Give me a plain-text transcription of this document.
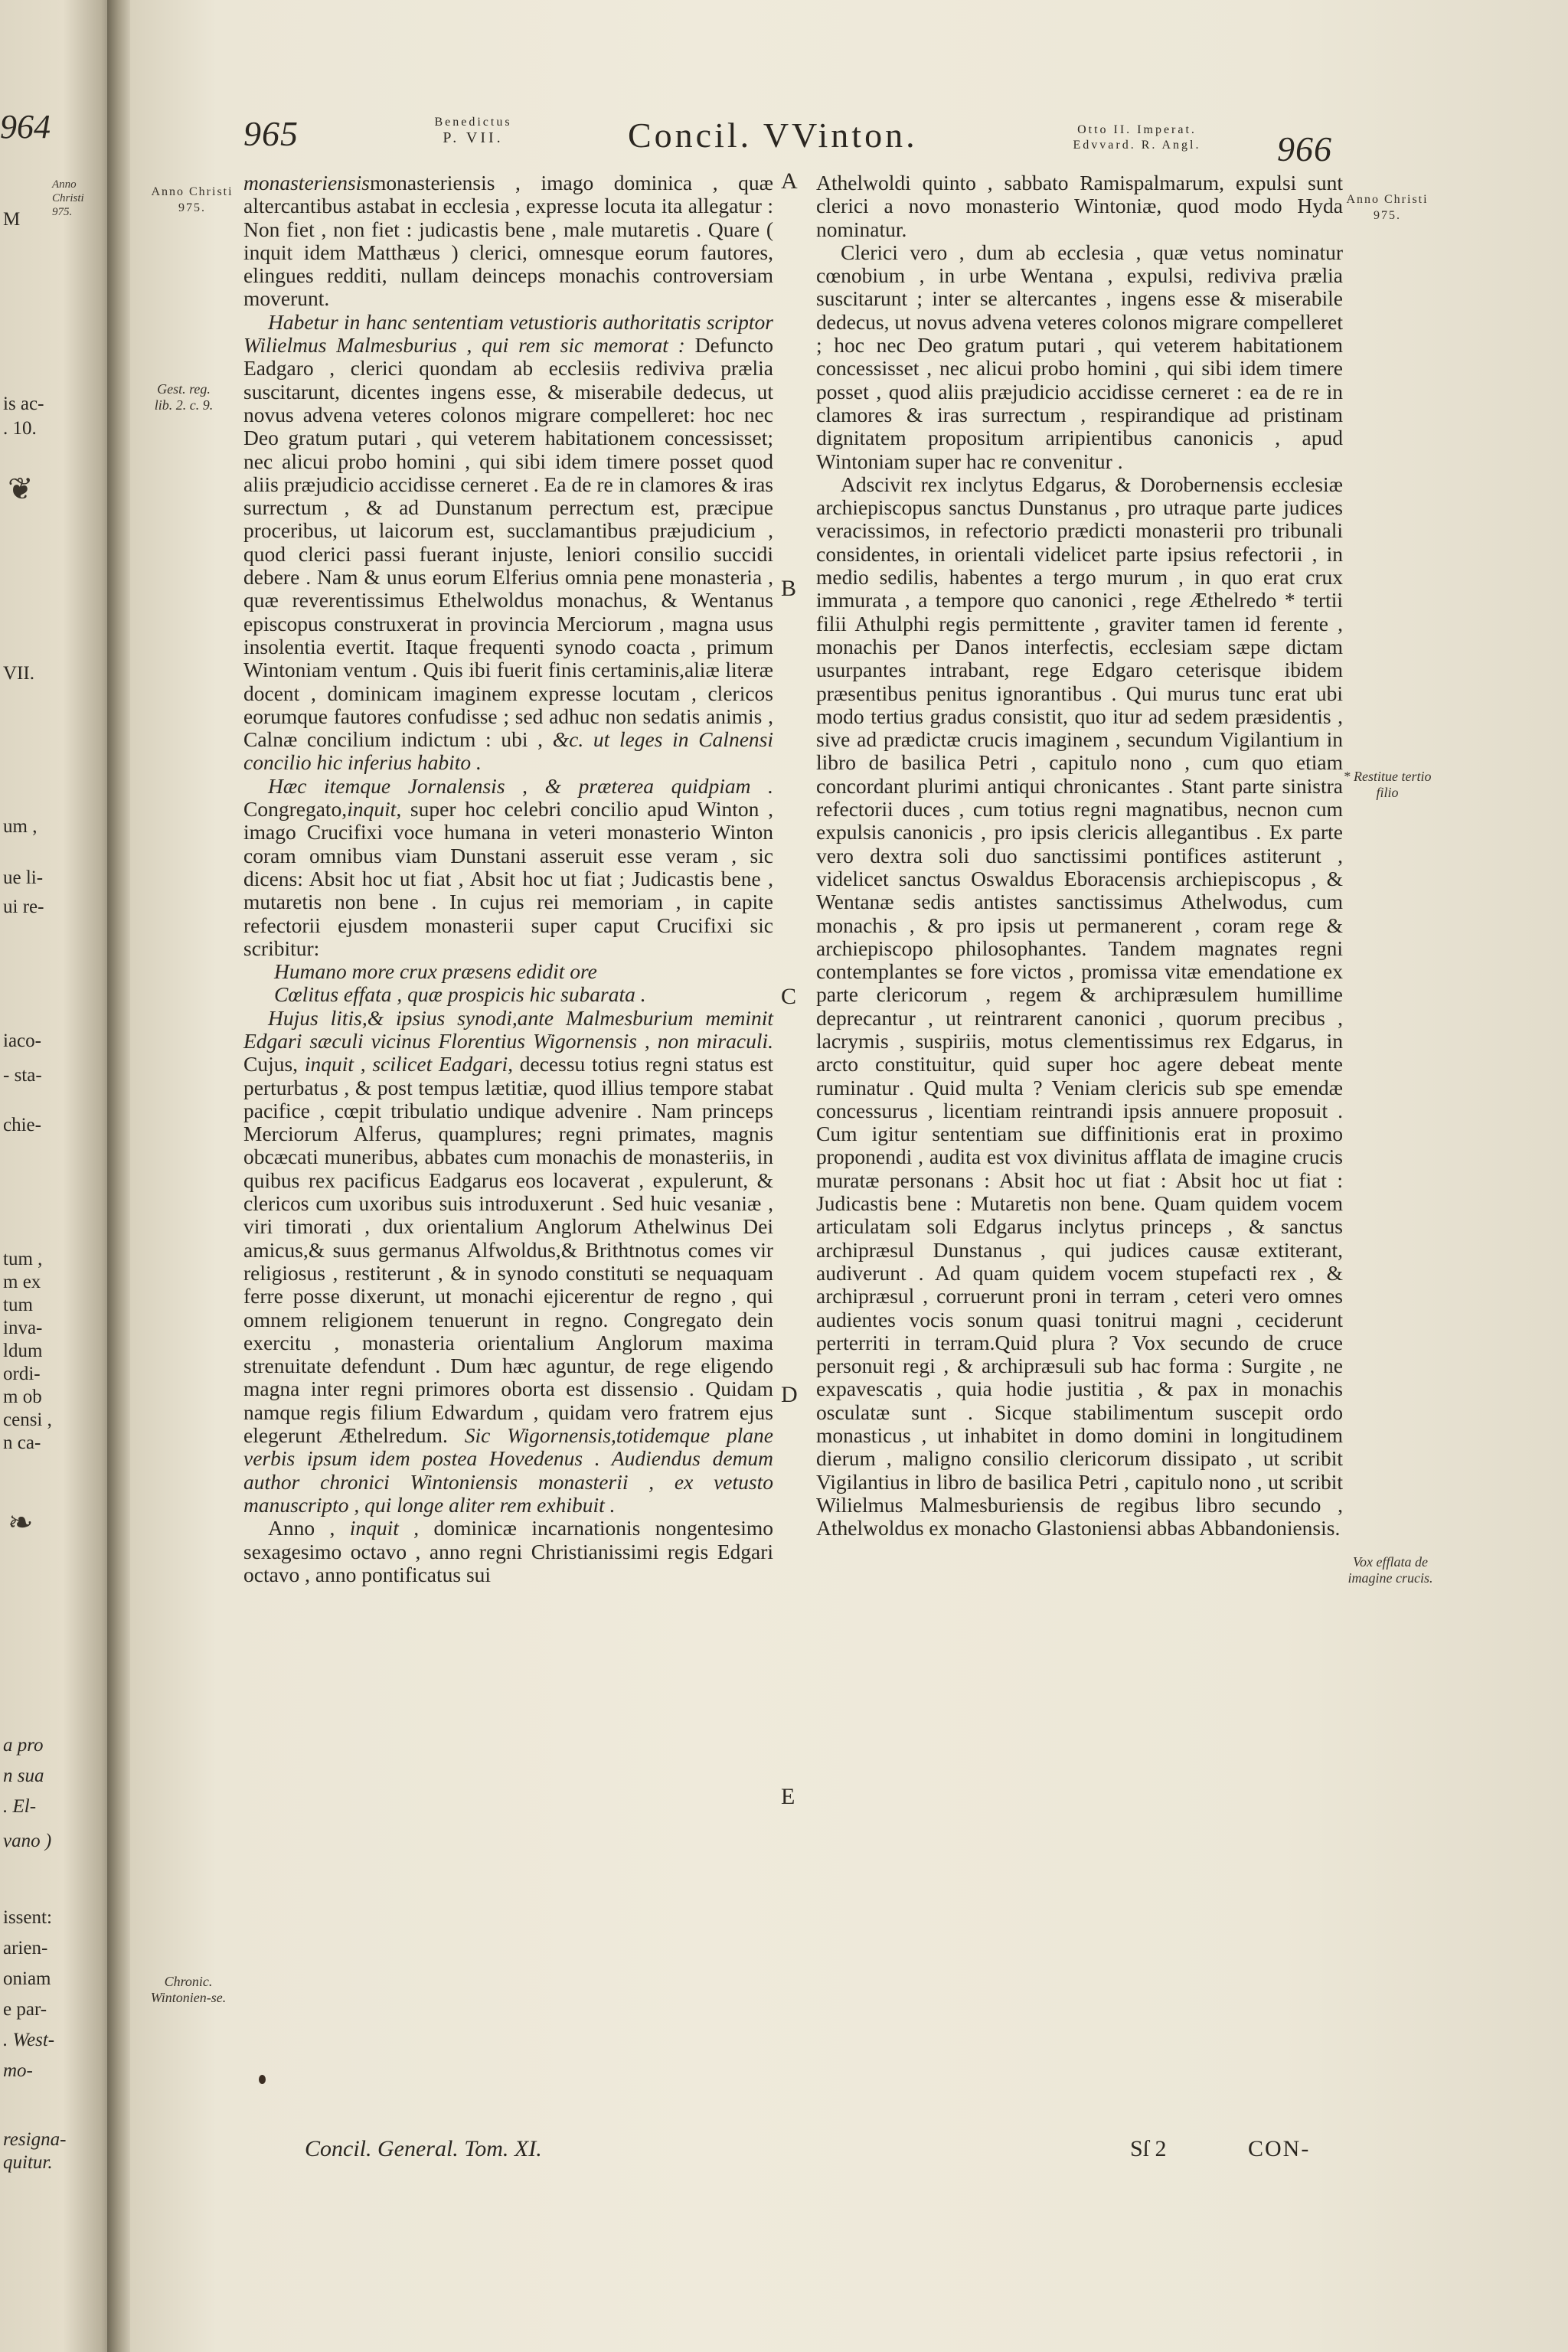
964
Anno Christi 975.
M
is ac-
. 10.
VII.
um ,
ue li-
ui re-
iaco-
- sta-
chie-
tum ,
m ex
tum
inva-
ldum
ordi-
m ob
censi ,
n ca-
a pro
n sua
. El-
vano )
issent:
arien-
oniam
e par-
. West-
mo-
resigna-
quitur.
❦
❧
965	Benedictus
P. VII.	Concil. VVinton.	Otto II. Imperat.
Edvvard. R. Angl.	966
Anno Christi 975.
Gest. reg. lib. 2. c. 9.
Chronic. Wintonien-se.
Anno Christi 975.
* Restitue tertio filio
Vox efflata de imagine crucis.
A
B
C
D
E

monasteriensismonasteriensis , imago dominica , quæ altercantibus astabat in ecclesia , expresse locuta ita allegatur : Non fiet , non fiet : judicastis bene , male mutaretis . Quare ( inquit idem Matthæus ) clerici, omnesque eorum fautores, elingues redditi, nullam deinceps monachis controversiam moverunt.

Habetur in hanc sententiam vetustioris authoritatis scriptor Wilielmus Malmesburius , qui rem sic memorat : Defuncto Eadgaro , clerici quondam ab ecclesiis rediviva prælia suscitarunt, dicentes ingens esse, & miserabile dedecus, ut novus advena veteres colonos migrare compelleret: hoc nec Deo gratum putari , qui veterem habitationem concessisset; nec alicui probo homini , qui sibi idem timere posset quod aliis præjudicio accidisse cerneret . Ea de re in clamores & iras surrectum , & ad Dunstanum perrectum est, præcipue proceribus, ut laicorum est, succlamantibus præjudicium , quod clerici passi fuerant injuste, leniori consilio succidi debere . Nam & unus eorum Elferius omnia pene monasteria , quæ reverentissimus Ethelwoldus monachus, & Wentanus episcopus construxerat in provincia Merciorum , magna usus insolentia evertit. Itaque frequenti synodo coacta , primum Wintoniam ventum . Quis ibi fuerit finis certaminis,aliæ literæ docent , dominicam imaginem expresse locutam , clericos eorumque fautores confudisse ; sed adhuc non sedatis animis , Calnæ concilium indictum : ubi , &c. ut leges in Calnensi concilio hic inferius habito .

Hæc itemque Jornalensis , & præterea quidpiam . Congregato,inquit, super hoc celebri concilio apud Winton , imago Crucifixi voce humana in veteri monasterio Winton coram omnibus viam Dunstani asseruit esse veram , sic dicens: Absit hoc ut fiat , Absit hoc ut fiat ; Judicastis bene , mutaretis non bene . In cujus rei memoriam , in capite refectorii ejusdem monasterii super caput Crucifixi sic scribitur:

Humano more crux præsens edidit ore

Cœlitus effata , quæ prospicis hic subarata .

Hujus litis,& ipsius synodi,ante Malmesburium meminit Edgari sæculi vicinus Florentius Wigornensis , non miraculi. Cujus, inquit , scilicet Eadgari, decessu totius regni status est perturbatus , & post tempus lætitiæ, quod illius tempore stabat pacifice , cœpit tribulatio undique advenire . Nam princeps Merciorum Alferus, quamplures; regni primates, magnis obcæcati muneribus, abbates cum monachis de monasteriis, in quibus rex pacificus Eadgarus eos locaverat , expulerunt, & clericos cum uxoribus suis introduxerunt . Sed huic vesaniæ , viri timorati , dux orientalium Anglorum Athelwinus Dei amicus,& suus germanus Alfwoldus,& Brithtnotus comes vir religiosus , restiterunt , & in synodo constituti se nequaquam ferre posse dixerunt, ut monachi ejicerentur de regno , qui omnem religionem tenuerunt in regno. Congregato dein exercitu , monasteria orientalium Anglorum maxima strenuitate defendunt . Dum hæc aguntur, de rege eligendo magna inter regni primores oborta est dissensio . Quidam namque regis filium Edwardum , quidam vero fratrem ejus elegerunt Æthelredum. Sic Wigornensis,totidemque plane verbis ipsum idem postea Hovedenus . Audiendus demum author chronici Wintoniensis monasterii , ex vetusto manuscripto , qui longe aliter rem exhibuit .

Anno , inquit , dominicæ incarnationis nongentesimo sexagesimo octavo , anno regni Christianissimi regis Edgari octavo , anno pontificatus sui

Athelwoldi quinto , sabbato Ramispalmarum, expulsi sunt clerici a novo monasterio Wintoniæ, quod modo Hyda nominatur.

Clerici vero , dum ab ecclesia , quæ vetus nominatur cœnobium , in urbe Wentana , expulsi, rediviva prælia suscitarunt ; inter se altercantes , ingens esse & miserabile dedecus, ut novus advena veteres colonos migrare compelleret ; hoc nec Deo gratum putari , qui veterem habitationem concessisset , nec alicui probo homini , qui sibi idem timere posset , quod aliis præjudicio accidisse cerneret : ea de re in clamores & iras surrectum , respirandique ad pristinam dignitatem propositum arripientibus canonicis , apud Wintoniam super hac re convenitur .

Adscivit rex inclytus Edgarus, & Dorobernensis ecclesiæ archiepiscopus sanctus Dunstanus , pro utraque parte judices veracissimos, in refectorio prædicti monasterii pro tribunali considentes, in orientali videlicet parte ipsius refectorii , in medio sedilis, habentes a tergo murum , in quo erat crux immurata , a tempore quo canonici , rege Æthelredo * tertii filii Athulphi regis permittente , graviter tamen id ferente , monachis per Danos interfectis, ecclesiam sæpe dictam usurpantes intrabant, rege Edgaro ceterisque ibidem præsentibus penitus ignorantibus . Qui murus tunc erat ubi modo tertius gradus consistit, quo itur ad sedem præsidentis , sive ad prædictæ crucis imaginem , secundum Vigilantium in libro de basilica Petri , capitulo nono , cum quo etiam concordant plurimi antiqui chronicantes . Stant parte sinistra refectorii duces , cum totius regni magnatibus, necnon cum expulsis canonicis , pro ipsis clericis allegantibus . Ex parte vero dextra soli duo sanctissimi pontifices astiterunt , videlicet sanctus Oswaldus Eboracensis archiepiscopus , & Wentanæ sedis antistes sanctissimus Athelwodus, cum monachis , & pro ipsis ut permanerent , coram rege & archiepiscopo philosophantes. Tandem magnates regni contemplantes se fore victos , promissa vitæ emendatione ex parte clericorum , regem & archipræsulem humillime deprecantur , ut reintrarent canonici , quorum precibus , lacrymis , suspiriis, motus clementissimus rex Edgarus, in arcto constituitur, quid super hoc agere debeat mente ruminatur . Quid multa ? Veniam clericis sub spe emendæ concessurus , licentiam reintrandi ipsis annuere proposuit . Cum igitur sententiam sue diffinitionis erat in proximo proponendi , audita est vox divinitus afflata de imagine crucis muratæ personans : Absit hoc ut fiat : Absit hoc ut fiat : Judicastis bene : Mutaretis non bene. Quam quidem vocem articulatam soli Edgarus inclytus princeps , & sanctus archipræsul Dunstanus , qui judices causæ extiterant, audiverunt . Ad quam quidem vocem stupefacti rex , & archipræsul , corruerunt proni in terram , ceteri vero omnes audientes vocis sonum quasi tonitrui magni , ceciderunt perterriti in terram.Quid plura ? Vox secundo de cruce personuit regi , & archipræsuli sub hac forma : Surgite , ne expavescatis , quia hodie justitia , & pax in monachis osculatæ sunt . Sicque stabilimentum suscepit ordo monasticus , ut inhabitet in domo domini in longitudinem dierum , maligno consilio clericorum dissipato , ut scribit Vigilantius in libro de basilica Petri , capitulo nono , ut scribit Wilielmus Malmesburiensis de regibus libro secundo , Athelwoldus ex monacho Glastoniensi abbas Abbandoniensis.

Concil. General. Tom. XI.	Sſ 2	CON-
